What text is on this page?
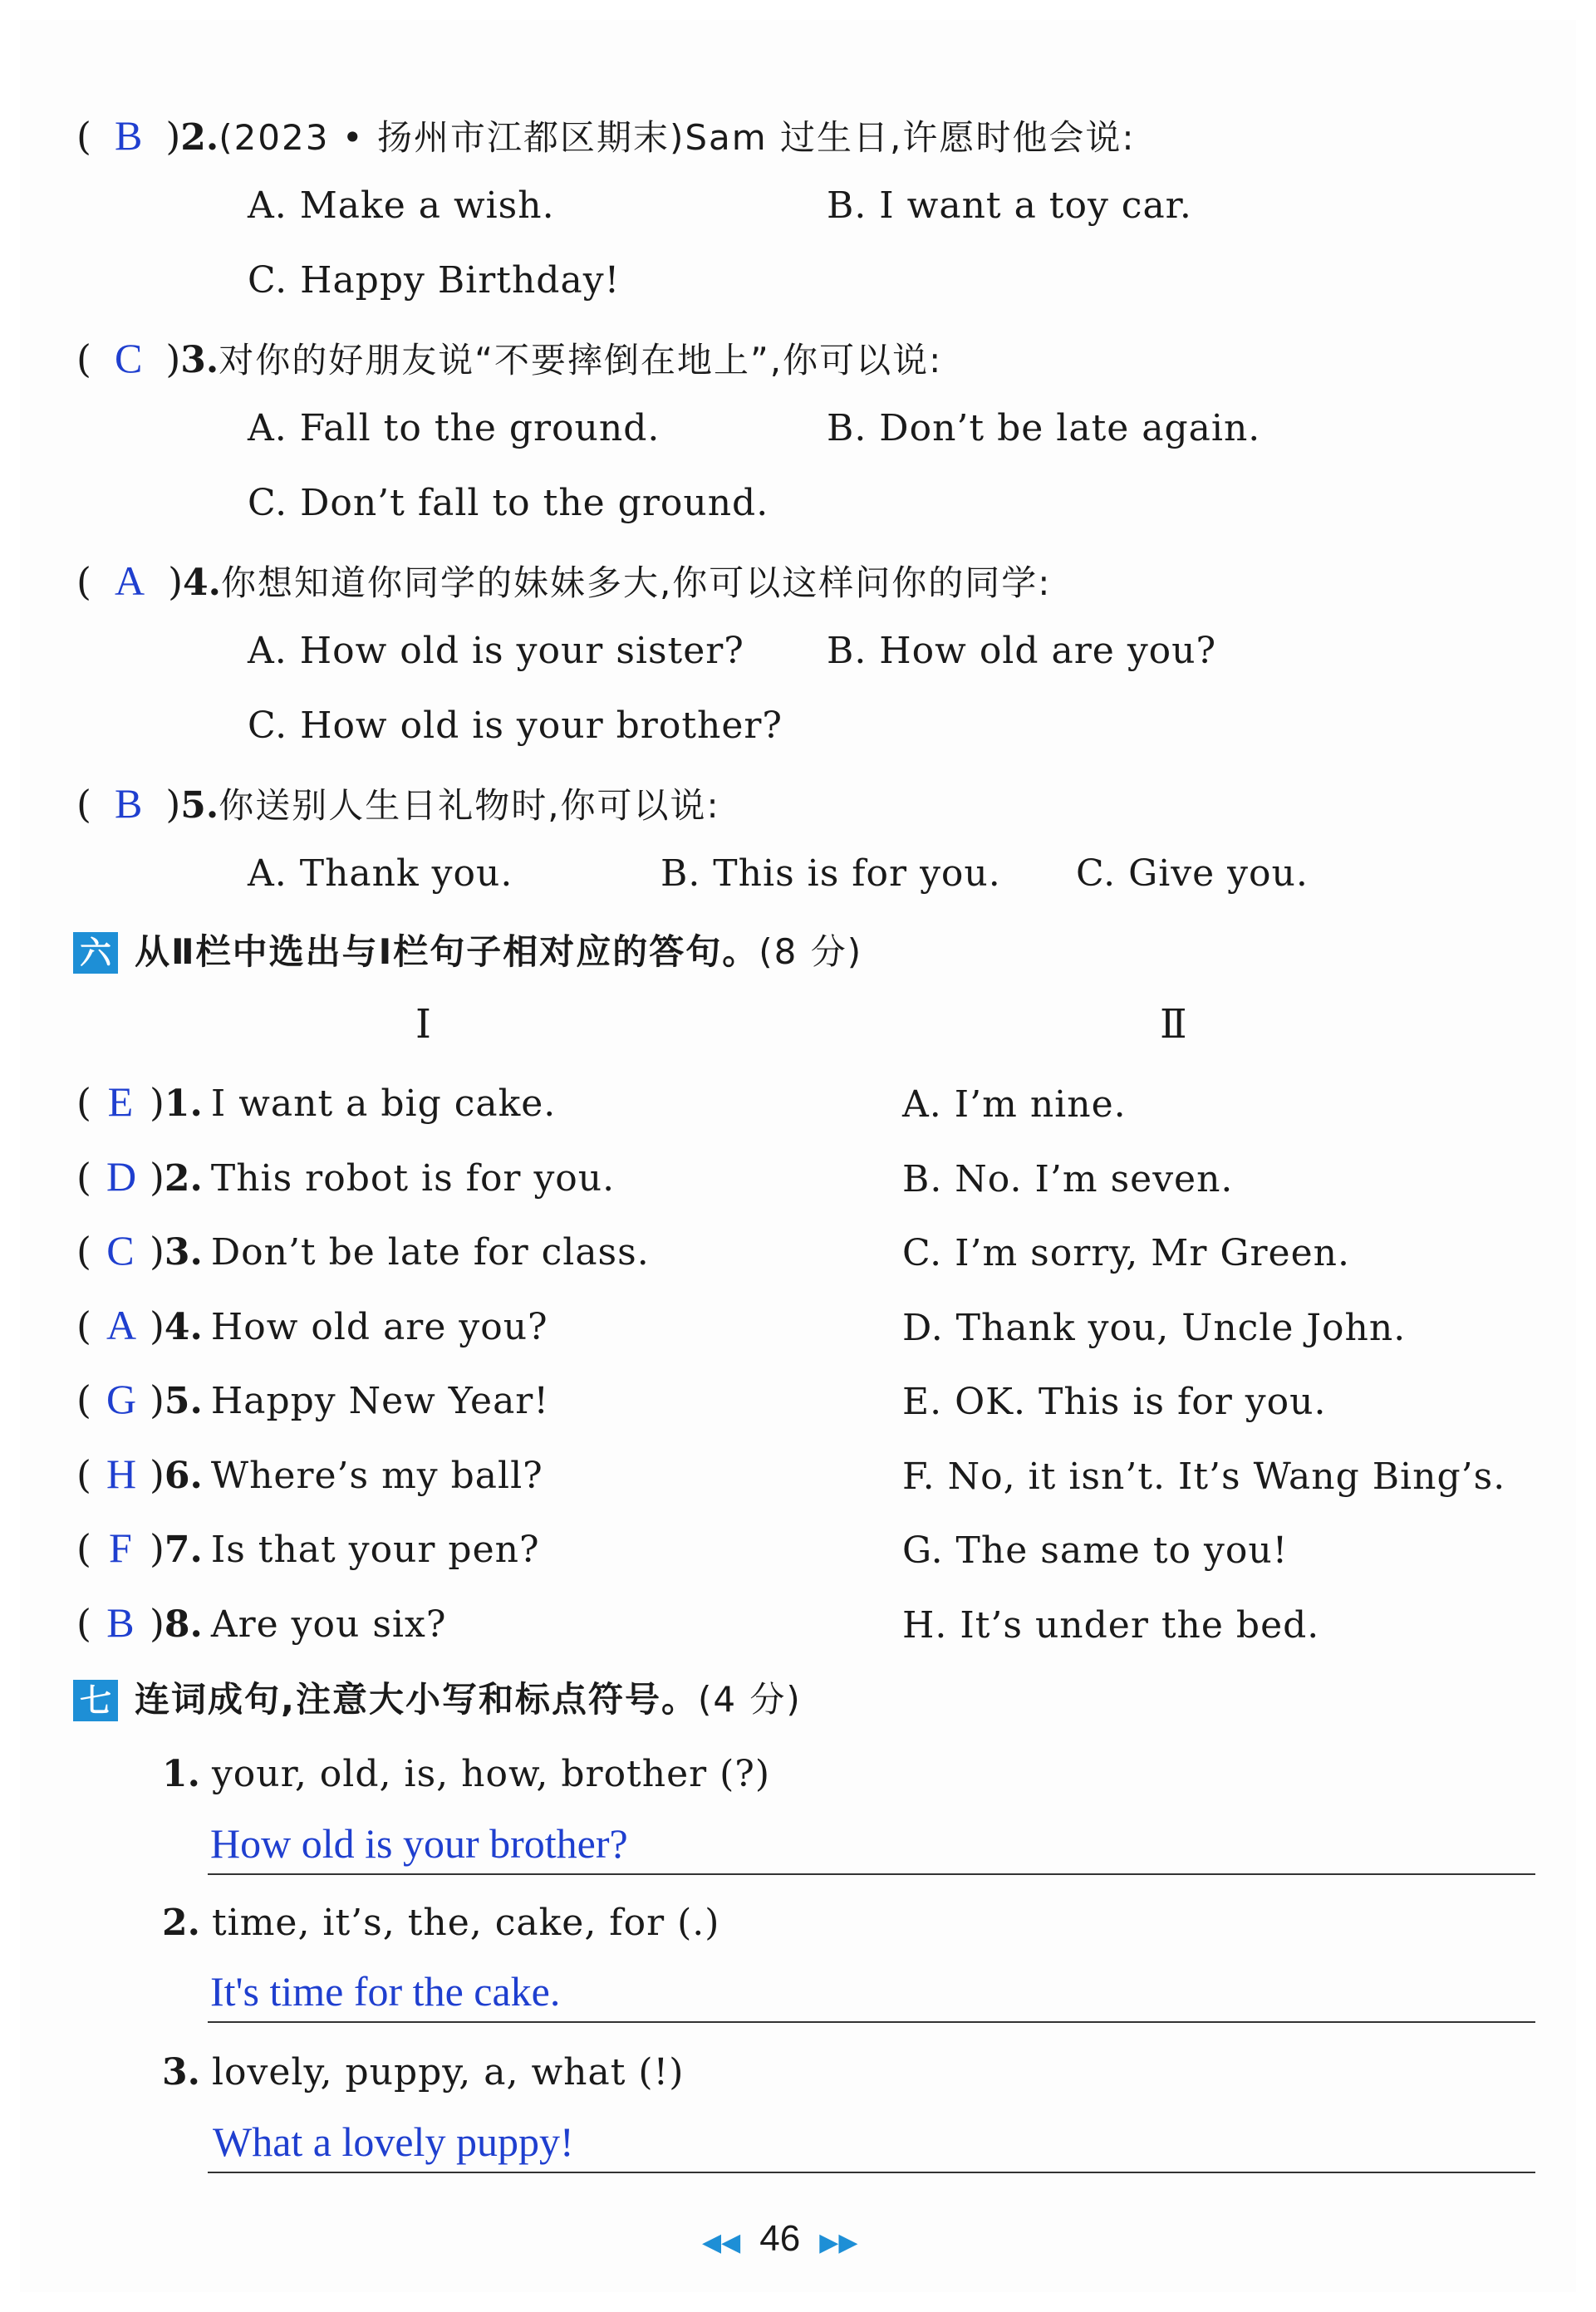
( B )2.(2023 • 扬州市江都区期末)Sam 过生日,许愿时他会说:
A. Make a wish.	B. I want a toy car.
C. Happy Birthday!
( C )3.对你的好朋友说“不要摔倒在地上”,你可以说:
A. Fall to the ground.	B. Don’t be late again.
C. Don’t fall to the ground.
( A )4.你想知道你同学的妹妹多大,你可以这样问你的同学:
A. How old is your sister? B. How old are you?
C. How old is your brother?
( B )5.你送别人生日礼物时,你可以说:
A. Thank you.	B. This is for you. C. Give you.
六 从Ⅱ栏中选出与Ⅰ栏句子相对应的答句。(8 分)
Ⅰ	Ⅱ
( E )1. I want a big cake.	A. I’m nine.
( D )2. This robot is for you.	B. No. I’m seven.
( C )3. Don’t be late for class.	C. I’m sorry, Mr Green.
( A )4. How old are you?	D. Thank you, Uncle John.
( G )5. Happy New Year!	E. OK. This is for you.
( H )6. Where’s my ball?	F. No, it isn’t. It’s Wang Bing’s.
( F )7. Is that your pen?	G. The same to you!
( B )8. Are you six?	H. It’s under the bed.
七 连词成句,注意大小写和标点符号。(4 分)
1. your, old, is, how, brother (?)
How old is your brother?
2. time, it’s, the, cake, for (.)
It's time for the cake.
3. lovely, puppy, a, what (!)
What a lovely puppy!
◀◀ 46 ▶▶
